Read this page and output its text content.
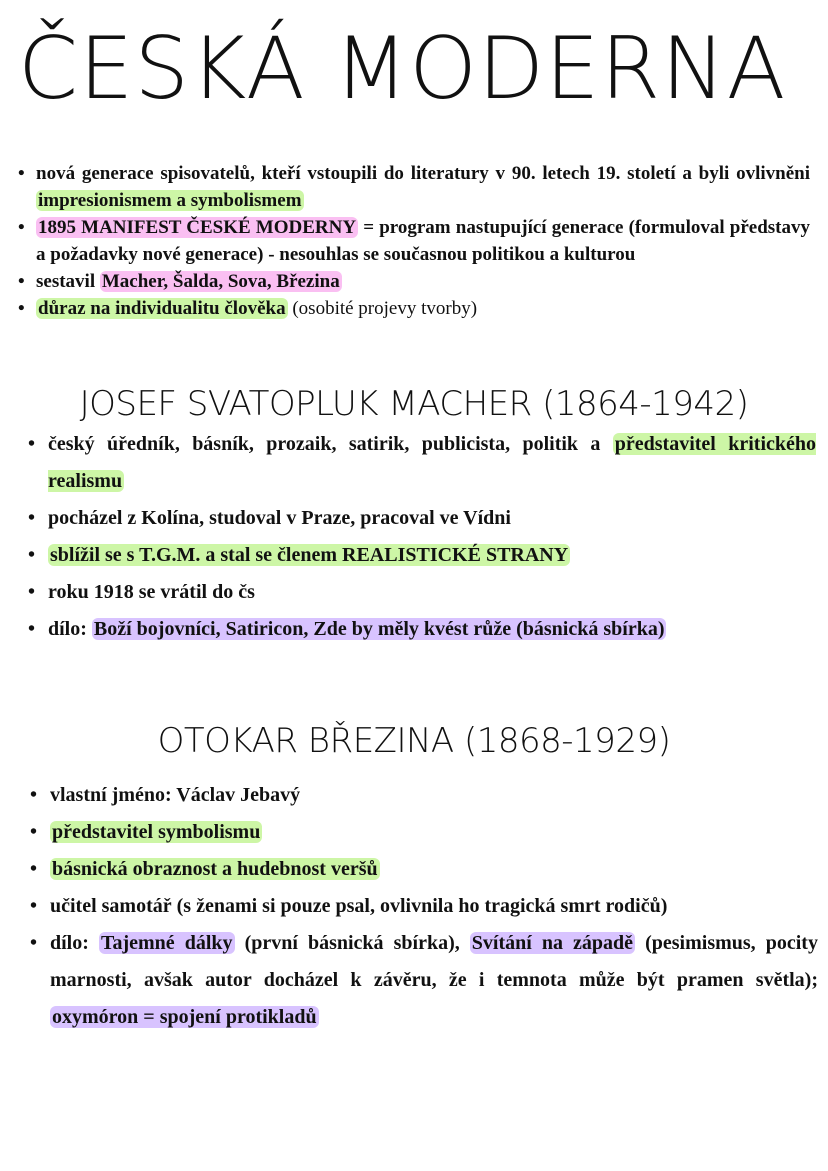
ČESKÁ MODERNA
• nová generace spisovatelů, kteří vstoupili do literatury v 90. letech 19. století a byli ovlivněni impresionismem a symbolismem
• 1895 MANIFEST ČESKÉ MODERNY = program nastupující generace (formuloval představy a požadavky nové generace) - nesouhlas se současnou politikou a kulturou
• sestavil Macher, Šalda, Sova, Březina
• důraz na individualitu člověka (osobité projevy tvorby)
JOSEF SVATOPLUK MACHER (1864-1942)
• český úředník, básník, prozaik, satirik, publicista, politik a představitel kritického realismu
• pocházel z Kolína, studoval v Praze, pracoval ve Vídni
• sblížil se s T.G.M. a stal se členem REALISTICKÉ STRANY
• roku 1918 se vrátil do čs
• dílo: Boží bojovníci, Satiricon, Zde by měly kvést růže (básnická sbírka)
OTOKAR BŘEZINA (1868-1929)
• vlastní jméno: Václav Jebavý
• představitel symbolismu
• básnická obraznost a hudebnost veršů
• učitel samotář (s ženami si pouze psal, ovlivnila ho tragická smrt rodičů)
• dílo: Tajemné dálky (první básnická sbírka), Svítání na západě (pesimismus, pocity marnosti, avšak autor docházel k závěru, že i temnota může být pramen světla); oxymóron = spojení protikladů
